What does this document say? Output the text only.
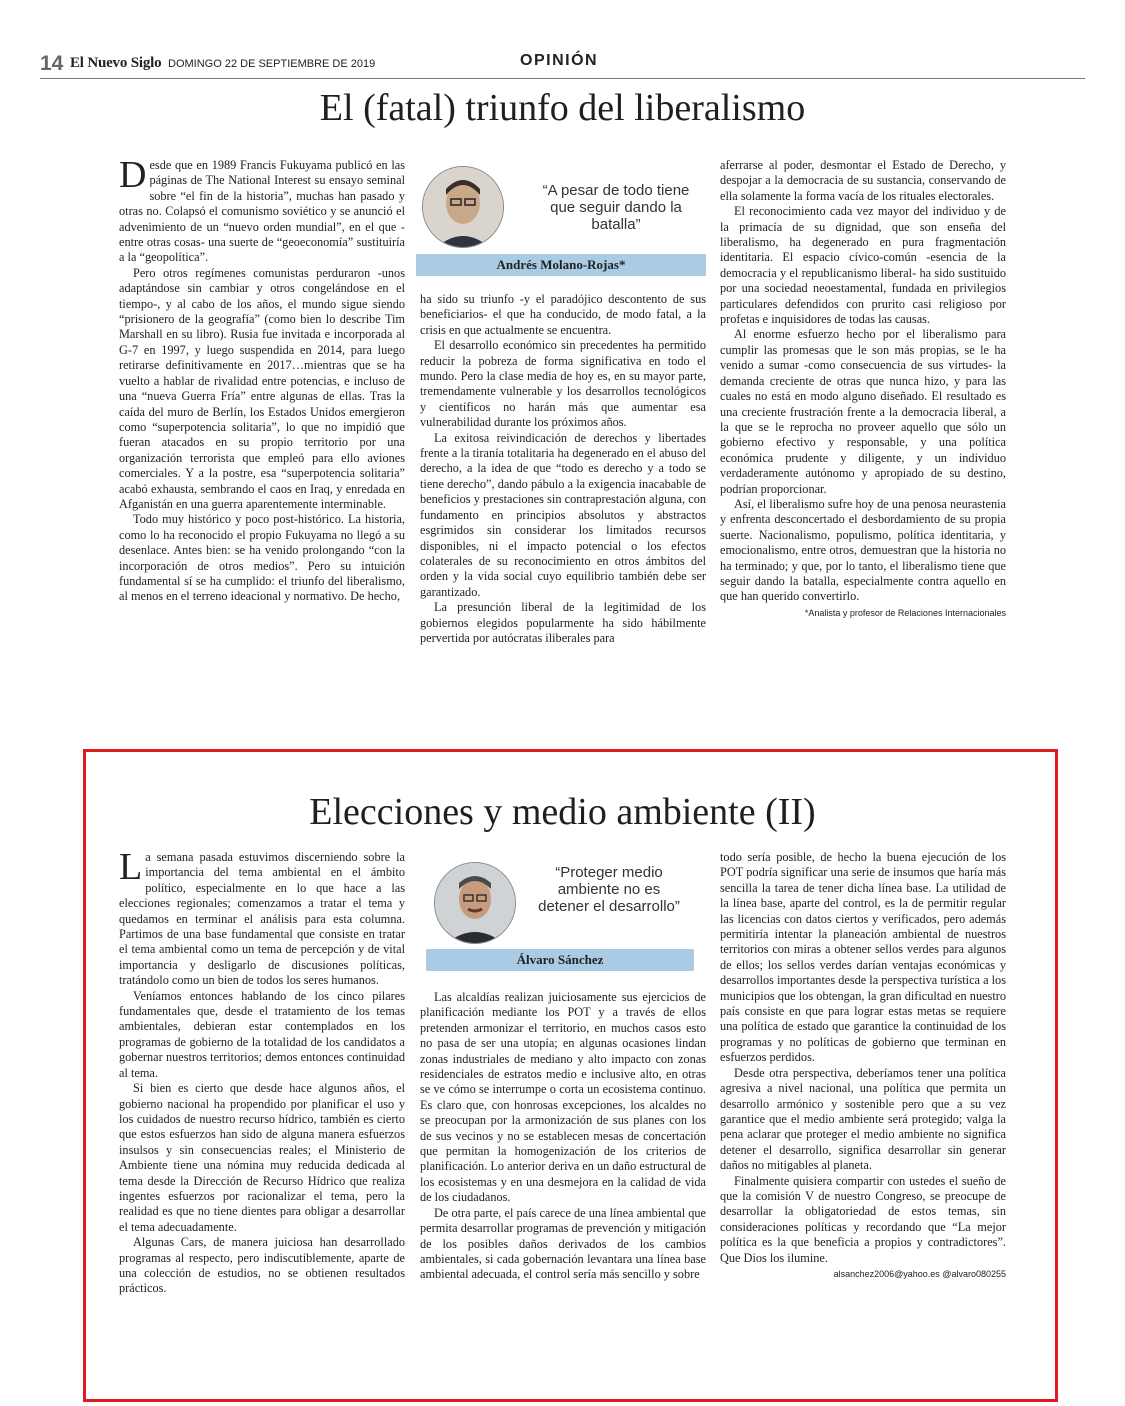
14 El Nuevo Siglo DOMINGO 22 DE SEPTIEMBRE DE 2019	OPINIÓN
El (fatal) triunfo del liberalismo

Desde que en 1989 Francis Fukuyama publicó en las páginas de The National Interest su ensayo seminal sobre “el fin de la historia”, muchas han pasado y otras no. Colapsó el comunismo soviético y se anunció el advenimiento de un “nuevo orden mundial”, en el que -entre otras cosas- una suerte de “geoeconomía” sustituiría a la “geopolítica”.

Pero otros regímenes comunistas perduraron -unos adaptándose sin cambiar y otros congelándose en el tiempo-, y al cabo de los años, el mundo sigue siendo “prisionero de la geografía” (como bien lo describe Tim Marshall en su libro). Rusia fue invitada e incorporada al G-7 en 1997, y luego suspendida en 2014, para luego retirarse definitivamente en 2017…mientras que se ha vuelto a hablar de rivalidad entre potencias, e incluso de una “nueva Guerra Fría” entre algunas de ellas. Tras la caída del muro de Berlín, los Estados Unidos emergieron como “superpotencia solitaria”, lo que no impidió que fueran atacados en su propio territorio por una organización terrorista que empleó para ello aviones comerciales. Y a la postre, esa “superpotencia solitaria” acabó exhausta, sembrando el caos en Iraq, y enredada en Afganistán en una guerra aparentemente interminable.

Todo muy histórico y poco post-histórico. La historia, como lo ha reconocido el propio Fukuyama no llegó a su desenlace. Antes bien: se ha venido prolongando “con la incorporación de otros medios”. Pero su intuición fundamental sí se ha cumplido: el triunfo del liberalismo, al menos en el terreno ideacional y normativo. De hecho,

“A pesar de todo tiene que seguir dando la batalla”
Andrés Molano-Rojas*

ha sido su triunfo -y el paradójico descontento de sus beneficiarios- el que ha conducido, de modo fatal, a la crisis en que actualmente se encuentra.

El desarrollo económico sin precedentes ha permitido reducir la pobreza de forma significativa en todo el mundo. Pero la clase media de hoy es, en su mayor parte, tremendamente vulnerable y los desarrollos tecnológicos y científicos no harán más que aumentar esa vulnerabilidad durante los próximos años.

La exitosa reivindicación de derechos y libertades frente a la tiranía totalitaria ha degenerado en el abuso del derecho, a la idea de que “todo es derecho y a todo se tiene derecho”, dando pábulo a la exigencia inacabable de beneficios y prestaciones sin contraprestación alguna, con fundamento en principios absolutos y abstractos esgrimidos sin considerar los limitados recursos disponibles, ni el impacto potencial o los efectos colaterales de su reconocimiento en otros ámbitos del orden y la vida social cuyo equilibrio también debe ser garantizado.

La presunción liberal de la legitimidad de los gobiernos elegidos popularmente ha sido hábilmente pervertida por autócratas iliberales para

aferrarse al poder, desmontar el Estado de Derecho, y despojar a la democracia de su sustancia, conservando de ella solamente la forma vacía de los rituales electorales.

El reconocimiento cada vez mayor del individuo y de la primacía de su dignidad, que son enseña del liberalismo, ha degenerado en pura fragmentación identitaria. El espacio cívico-común -esencia de la democracia y el republicanismo liberal- ha sido sustituido por una sociedad neoestamental, fundada en privilegios particulares defendidos con prurito casi religioso por profetas e inquisidores de todas las causas.

Al enorme esfuerzo hecho por el liberalismo para cumplir las promesas que le son más propias, se le ha venido a sumar -como consecuencia de sus virtudes- la demanda creciente de otras que nunca hizo, y para las cuales no está en modo alguno diseñado. El resultado es una creciente frustración frente a la democracia liberal, a la que se le reprocha no proveer aquello que sólo un gobierno efectivo y responsable, y una política económica prudente y diligente, y un individuo verdaderamente autónomo y apropiado de su destino, podrían proporcionar.

Así, el liberalismo sufre hoy de una penosa neurastenia y enfrenta desconcertado el desbordamiento de su propia suerte. Nacionalismo, populismo, política identitaria, y emocionalismo, entre otros, demuestran que la historia no ha terminado; y que, por lo tanto, el liberalismo tiene que seguir dando la batalla, especialmente contra aquello en que han querido convertirlo.

*Analista y profesor de Relaciones Internacionales
Elecciones y medio ambiente (II)

La semana pasada estuvimos discerniendo sobre la importancia del tema ambiental en el ámbito político, especialmente en lo que hace a las elecciones regionales; comenzamos a tratar el tema y quedamos en terminar el análisis para esta columna. Partimos de una base fundamental que consiste en tratar el tema ambiental como un tema de percepción y de vital importancia y desligarlo de discusiones políticas, tratándolo como un bien de todos los seres humanos.

Veníamos entonces hablando de los cinco pilares fundamentales que, desde el tratamiento de los temas ambientales, debieran estar contemplados en los programas de gobierno de la totalidad de los candidatos a gobernar nuestros territorios; demos entonces continuidad al tema.

Si bien es cierto que desde hace algunos años, el gobierno nacional ha propendido por planificar el uso y los cuidados de nuestro recurso hídrico, también es cierto que estos esfuerzos han sido de alguna manera esfuerzos insulsos y sin consecuencias reales; el Ministerio de Ambiente tiene una nómina muy reducida dedicada al tema desde la Dirección de Recurso Hídrico que realiza ingentes esfuerzos por racionalizar el tema, pero la realidad es que no tiene dientes para obligar a desarrollar el tema adecuadamente.

Algunas Cars, de manera juiciosa han desarrollado programas al respecto, pero indiscutiblemente, aparte de una colección de estudios, no se obtienen resultados prácticos.

“Proteger medio ambiente no es detener el desarrollo”
Álvaro Sánchez

Las alcaldías realizan juiciosamente sus ejercicios de planificación mediante los POT y a través de ellos pretenden armonizar el territorio, en muchos casos esto no pasa de ser una utopía; en algunas ocasiones lindan zonas industriales de mediano y alto impacto con zonas residenciales de estratos medio e inclusive alto, en otras se ve cómo se interrumpe o corta un ecosistema continuo. Es claro que, con honrosas excepciones, los alcaldes no se preocupan por la armonización de sus planes con los de sus vecinos y no se establecen mesas de concertación que permitan la homogenización de los criterios de planificación. Lo anterior deriva en un daño estructural de los ecosistemas y en una desmejora en la calidad de vida de los ciudadanos.

De otra parte, el país carece de una línea ambiental que permita desarrollar programas de prevención y mitigación de los posibles daños derivados de los cambios ambientales, si cada gobernación levantara una línea base ambiental adecuada, el control sería más sencillo y sobre

todo sería posible, de hecho la buena ejecución de los POT podría significar una serie de insumos que haría más sencilla la tarea de tener dicha línea base. La utilidad de la línea base, aparte del control, es la de permitir regular las licencias con datos ciertos y verificados, pero además permitiría intentar la planeación ambiental de nuestros territorios con miras a obtener sellos verdes para algunos de ellos; los sellos verdes darían ventajas económicas y desarrollos importantes desde la perspectiva turística a los municipios que los obtengan, la gran dificultad en nuestro país consiste en que para lograr estas metas se requiere una política de estado que garantice la continuidad de los programas y no políticas de gobierno que terminan en esfuerzos perdidos.

Desde otra perspectiva, deberíamos tener una política agresiva a nivel nacional, una política que permita un desarrollo armónico y sostenible pero que a su vez garantice que el medio ambiente será protegido; valga la pena aclarar que proteger el medio ambiente no significa detener el desarrollo, significa desarrollar sin generar daños no mitigables al planeta.

Finalmente quisiera compartir con ustedes el sueño de que la comisión V de nuestro Congreso, se preocupe de desarrollar la obligatoriedad de estos temas, sin consideraciones políticas y recordando que “La mejor política es la que beneficia a propios y contradictores”. Que Dios los ilumine.

alsanchez2006@yahoo.es @alvaro080255
